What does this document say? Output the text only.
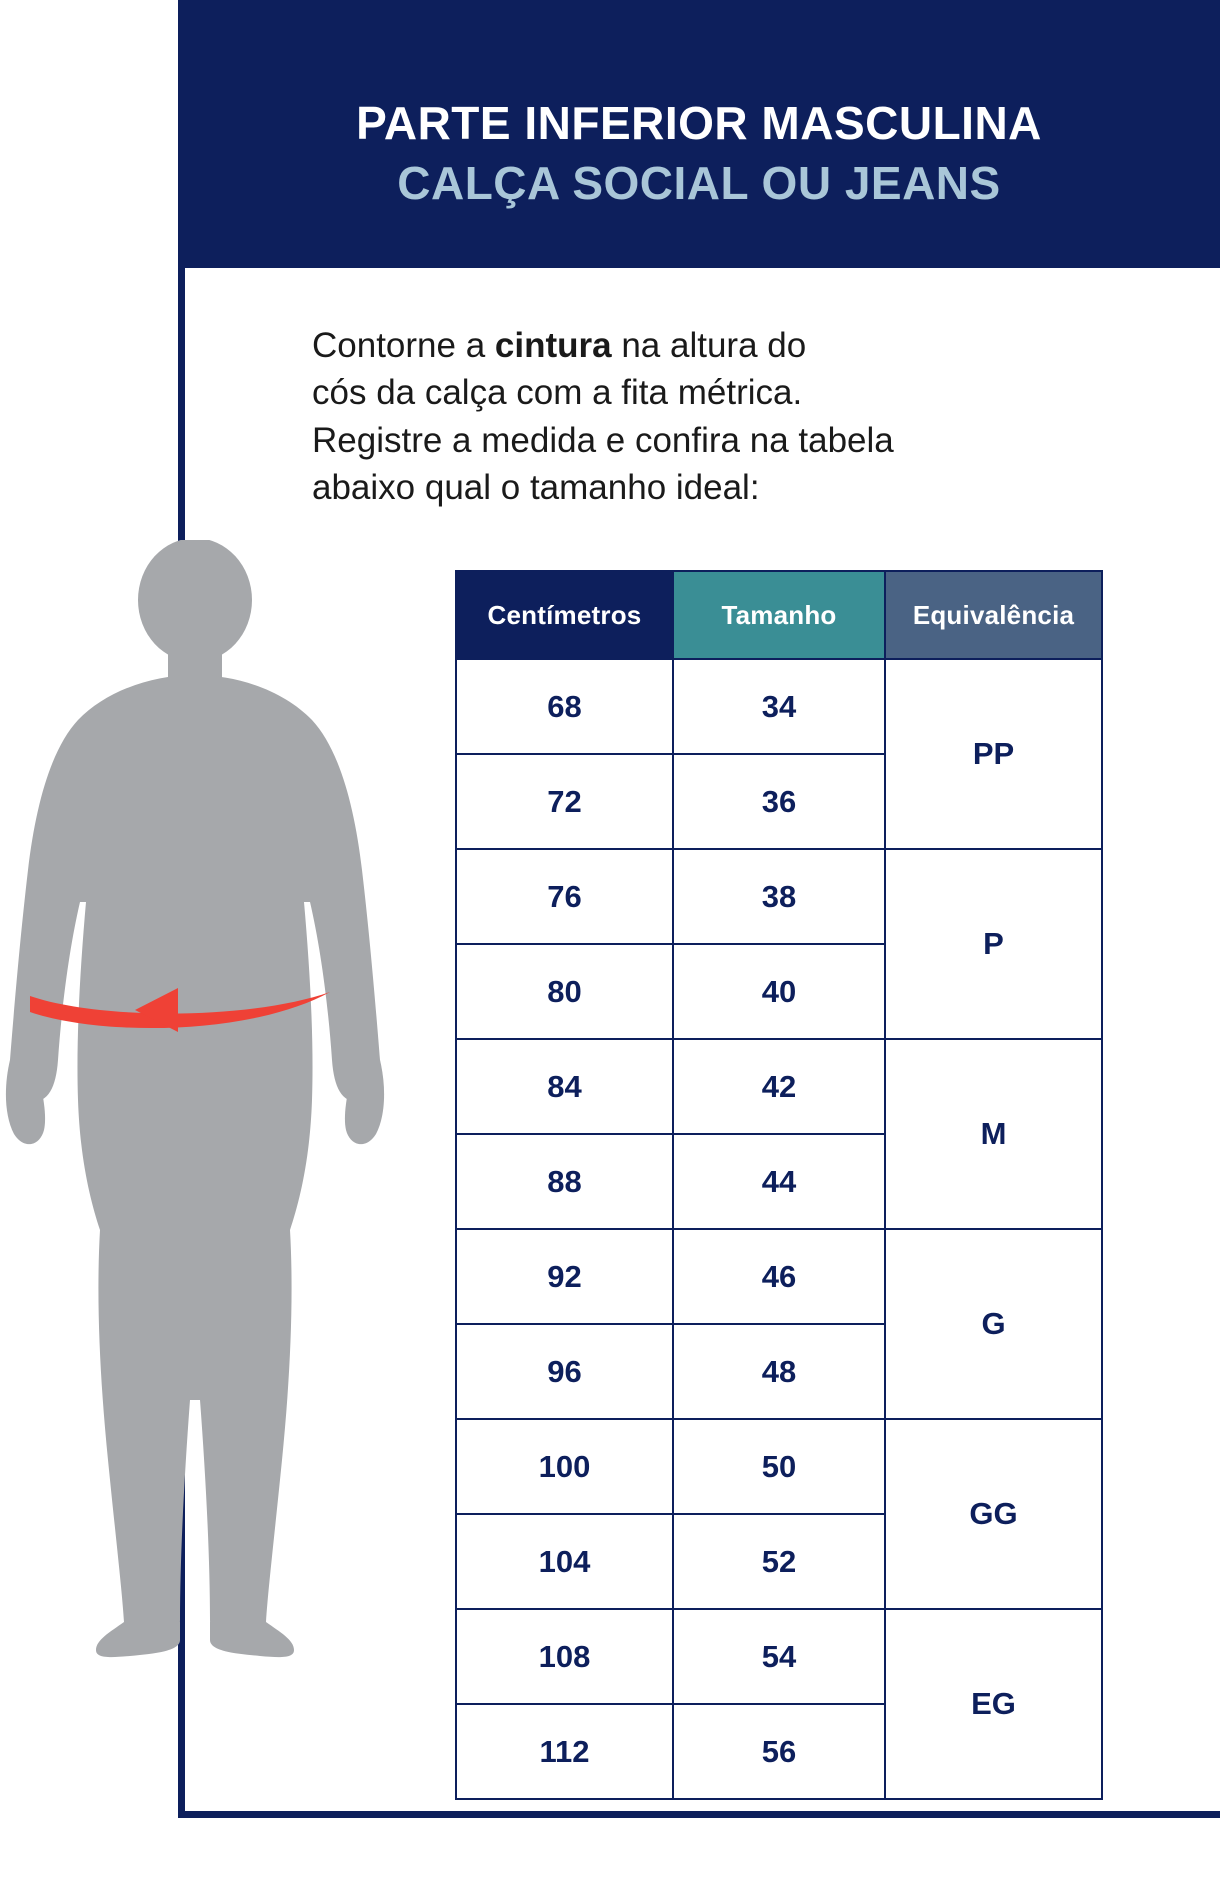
PARTE INFERIOR MASCULINA
CALÇA SOCIAL OU JEANS
Contorne a cintura na altura do
cós da calça com a fita métrica.
Registre a medida e confira na tabela
abaixo qual o tamanho ideal:
Centímetros	Tamanho	Equivalência
68	34	PP
72	36	
76	38	P
80	40	
84	42	M
88	44	
92	46	G
96	48	
100	50	GG
104	52	
108	54	EG
112	56	
